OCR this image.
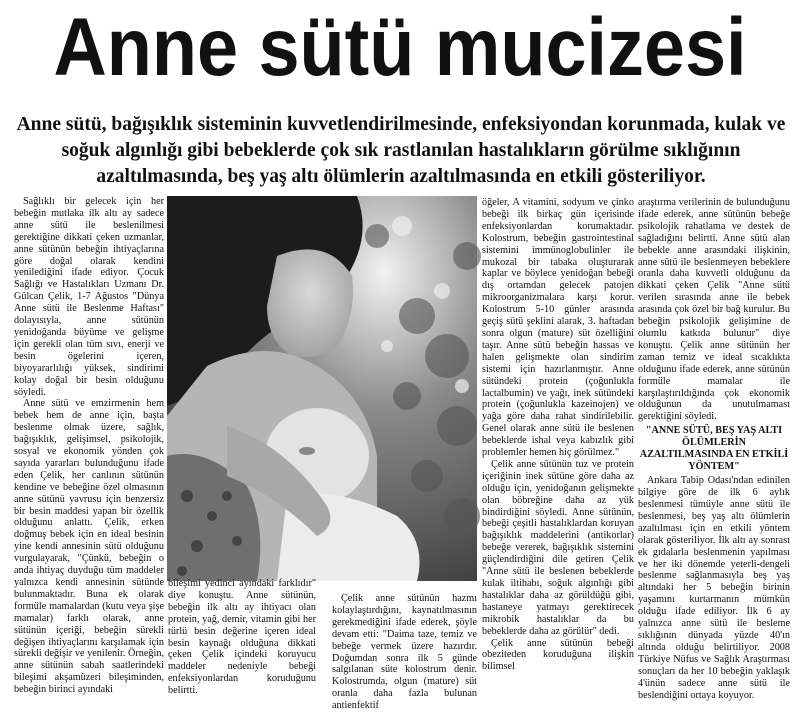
Anne sütü mucizesi

Anne sütü, bağışıklık sisteminin kuvvetlendirilmesinde, enfeksiyondan korunmada, kulak ve soğuk algınlığı gibi bebeklerde çok sık rastlanılan hastalıkların görülme sıklığının azaltılmasında, beş yaş altı ölümlerin azaltılmasında en etkili gösteriliyor.

Sağlıklı bir gelecek için her bebeğin mutlaka ilk altı ay sadece anne sütü ile beslenilmesi gerektiğine dikkati çeken uzmanlar, anne sütünün bebeğin ihtiyaçlarına göre doğal olarak kendini yenilediğini ifade ediyor. Çocuk Sağlığı ve Hastalıkları Uzmanı Dr. Gülcan Çelik, 1-7 Ağustos "Dünya Anne sütü ile Beslenme Haftası" dolayısıyla, anne sütünün yenidoğanda büyüme ve gelişme için gerekli olan tüm sıvı, enerji ve besin ögelerini içeren, biyoyararlılığı yüksek, sindirimi kolay doğal bir besin olduğunu söyledi.

Anne sütü ve emzirmenin hem bebek hem de anne için, başta beslenme olmak üzere, sağlık, bağışıklık, gelişimsel, psikolojik, sosyal ve ekonomik yönden çok sayıda yararları bulunduğunu ifade eden Çelik, her canlının sütünün kendine ve bebeğine özel olmasının anne sütünü yavrusu için benzersiz bir besin maddesi yapan bir özellik olduğunu anlattı. Çelik, erken doğmuş bebek için en ideal besinin yine kendi annesinin sütü olduğunu vurgulayarak, "Çünkü, bebeğin o anda ihtiyaç duyduğu tüm maddeler yalnızca kendi annesinin sütünde bulunmaktadır. Buna ek olarak formüle mamalardan (kutu veya şişe mamalar) farklı olarak, anne sütünün içeriği, bebeğin sürekli değişen ihtiyaçlarını karşılamak için sürekli değişir ve yenilenir. Örneğin, anne sütünün sabah saatlerindeki bileşimi akşamüzeri bileşiminden, bebeğin birinci ayındaki

bileşimi yedinci ayındaki farklıdır" diye konuştu. Anne sütünün, bebeğin ilk altı ay ihtiyacı olan protein, yağ, demir, vitamin gibi her türlü besin değerine içeren ideal besin kaynağı olduğuna dikkati çeken Çelik içindeki koruyucu maddeler nedeniyle bebeği enfeksiyonlardan koruduğunu belirtti.

Çelik anne sütünün hazmı kolaylaştırdığını, kaynatılmasının gerekmediğini ifade ederek, şöyle devam etti: "Daima taze, temiz ve bebeğe vermek üzere hazırdır. Doğumdan sonra ilk 5 günde salgılanan süte kolostrum denir. Kolostrumda, olgun (mature) süt oranla daha fazla bulunan antienfektif

öğeler, A vitamini, sodyum ve çinko bebeği ilk birkaç gün içerisinde enfeksiyonlardan korumaktadır. Kolostrum, bebeğin gastrointestinal sistemini immünoglobulinler ile mukozal bir tabaka oluşturarak kaplar ve böylece yenidoğan bebeği dış ortamdan gelecek patojen mikroorganizmalara karşı korur. Kolostrum 5-10 günler arasında geçiş sütü şeklini alarak, 3. haftadan sonra olgun (mature) süt özelliğini taşır. Anne sütü bebeğin hassas ve halen gelişmekte olan sindirim sistemi için hazırlanmıştır. Anne sütündeki protein (çoğunlukla lactalbumin) ve yağı, inek sütündeki protein (çoğunlukla kazeinojen) ve yağa göre daha rahat sindirilebilir. Genel olarak anne sütü ile beslenen bebeklerde ishal veya kabızlık gibi problemler hemen hiç görülmez."

Çelik anne sütünün tuz ve protein içeriğinin inek sütüne göre daha az olduğu için, yenidoğanın gelişmekte olan böbreğine daha az yük bindirdiğini söyledi. Anne sütünün, bebeği çeşitli hastalıklardan koruyan bağışıklık maddelerini (antikorlar) bebeğe vererek, bağışıklık sistemini güçlendirdiğini dile getiren Çelik "Anne sütü ile beslenen bebeklerde kulak iltihabı, soğuk algınlığı gibi hastalıklar daha az görüldüğü gibi, hastaneye yatmayı gerektirecek mikrobik hastalıklar da bu bebeklerde daha az görülür" dedi.

Çelik anne sütünün bebeği obeziteden koruduğuna ilişkin bilimsel

araştırma verilerinin de bulunduğunu ifade ederek, anne sütünün bebeğe psikolojik rahatlama ve destek de sağladığını belirtti. Anne sütü alan bebekle anne arasındaki ilişkinin, anne sütü ile beslenmeyen bebeklere oranla daha kuvvetli olduğunu da dikkati çeken Çelik "Anne sütü verilen sırasında anne ile bebek arasında çok özel bir bağ kurulur. Bu bebeğin psikolojik gelişimine de olumlu katkıda bulunur" diye konuştu. Çelik anne sütünün her zaman temiz ve ideal sıcaklıkta olduğunu ifade ederek, anne sütünün formüle mamalar ile karşılaştırıldığında çok ekonomik olduğunun da unutulmaması gerektiğini söyledi.

"ANNE SÜTÜ, BEŞ YAŞ ALTI ÖLÜMLERİN AZALTILMASINDA EN ETKİLİ YÖNTEM"

Ankara Tabip Odası'ndan edinilen bilgiye göre de ilk 6 aylık beslenmesi tümüyle anne sütü ile beslenmesi, beş yaş altı ölümlerin azaltılması için en etkili yöntem olarak gösteriliyor. İlk altı ay sonrası ek gıdalarla beslenmenin yapılması ve her iki dönemde yeterli-dengeli beslenme sağlanmasıyla beş yaş altındaki her 5 bebeğin birinin yaşamını kurtarmanın mümkün olduğu ifade ediliyor. İlk 6 ay yalnızca anne sütü ile besleme sıklığının dünyada yüzde 40'ın altında olduğu belirtiliyor. 2008 Türkiye Nüfus ve Sağlık Araştırması sonuçları da her 10 bebeğin yaklaşık 4'ünün sadece anne sütü ile beslendiğini ortaya koyuyor.
